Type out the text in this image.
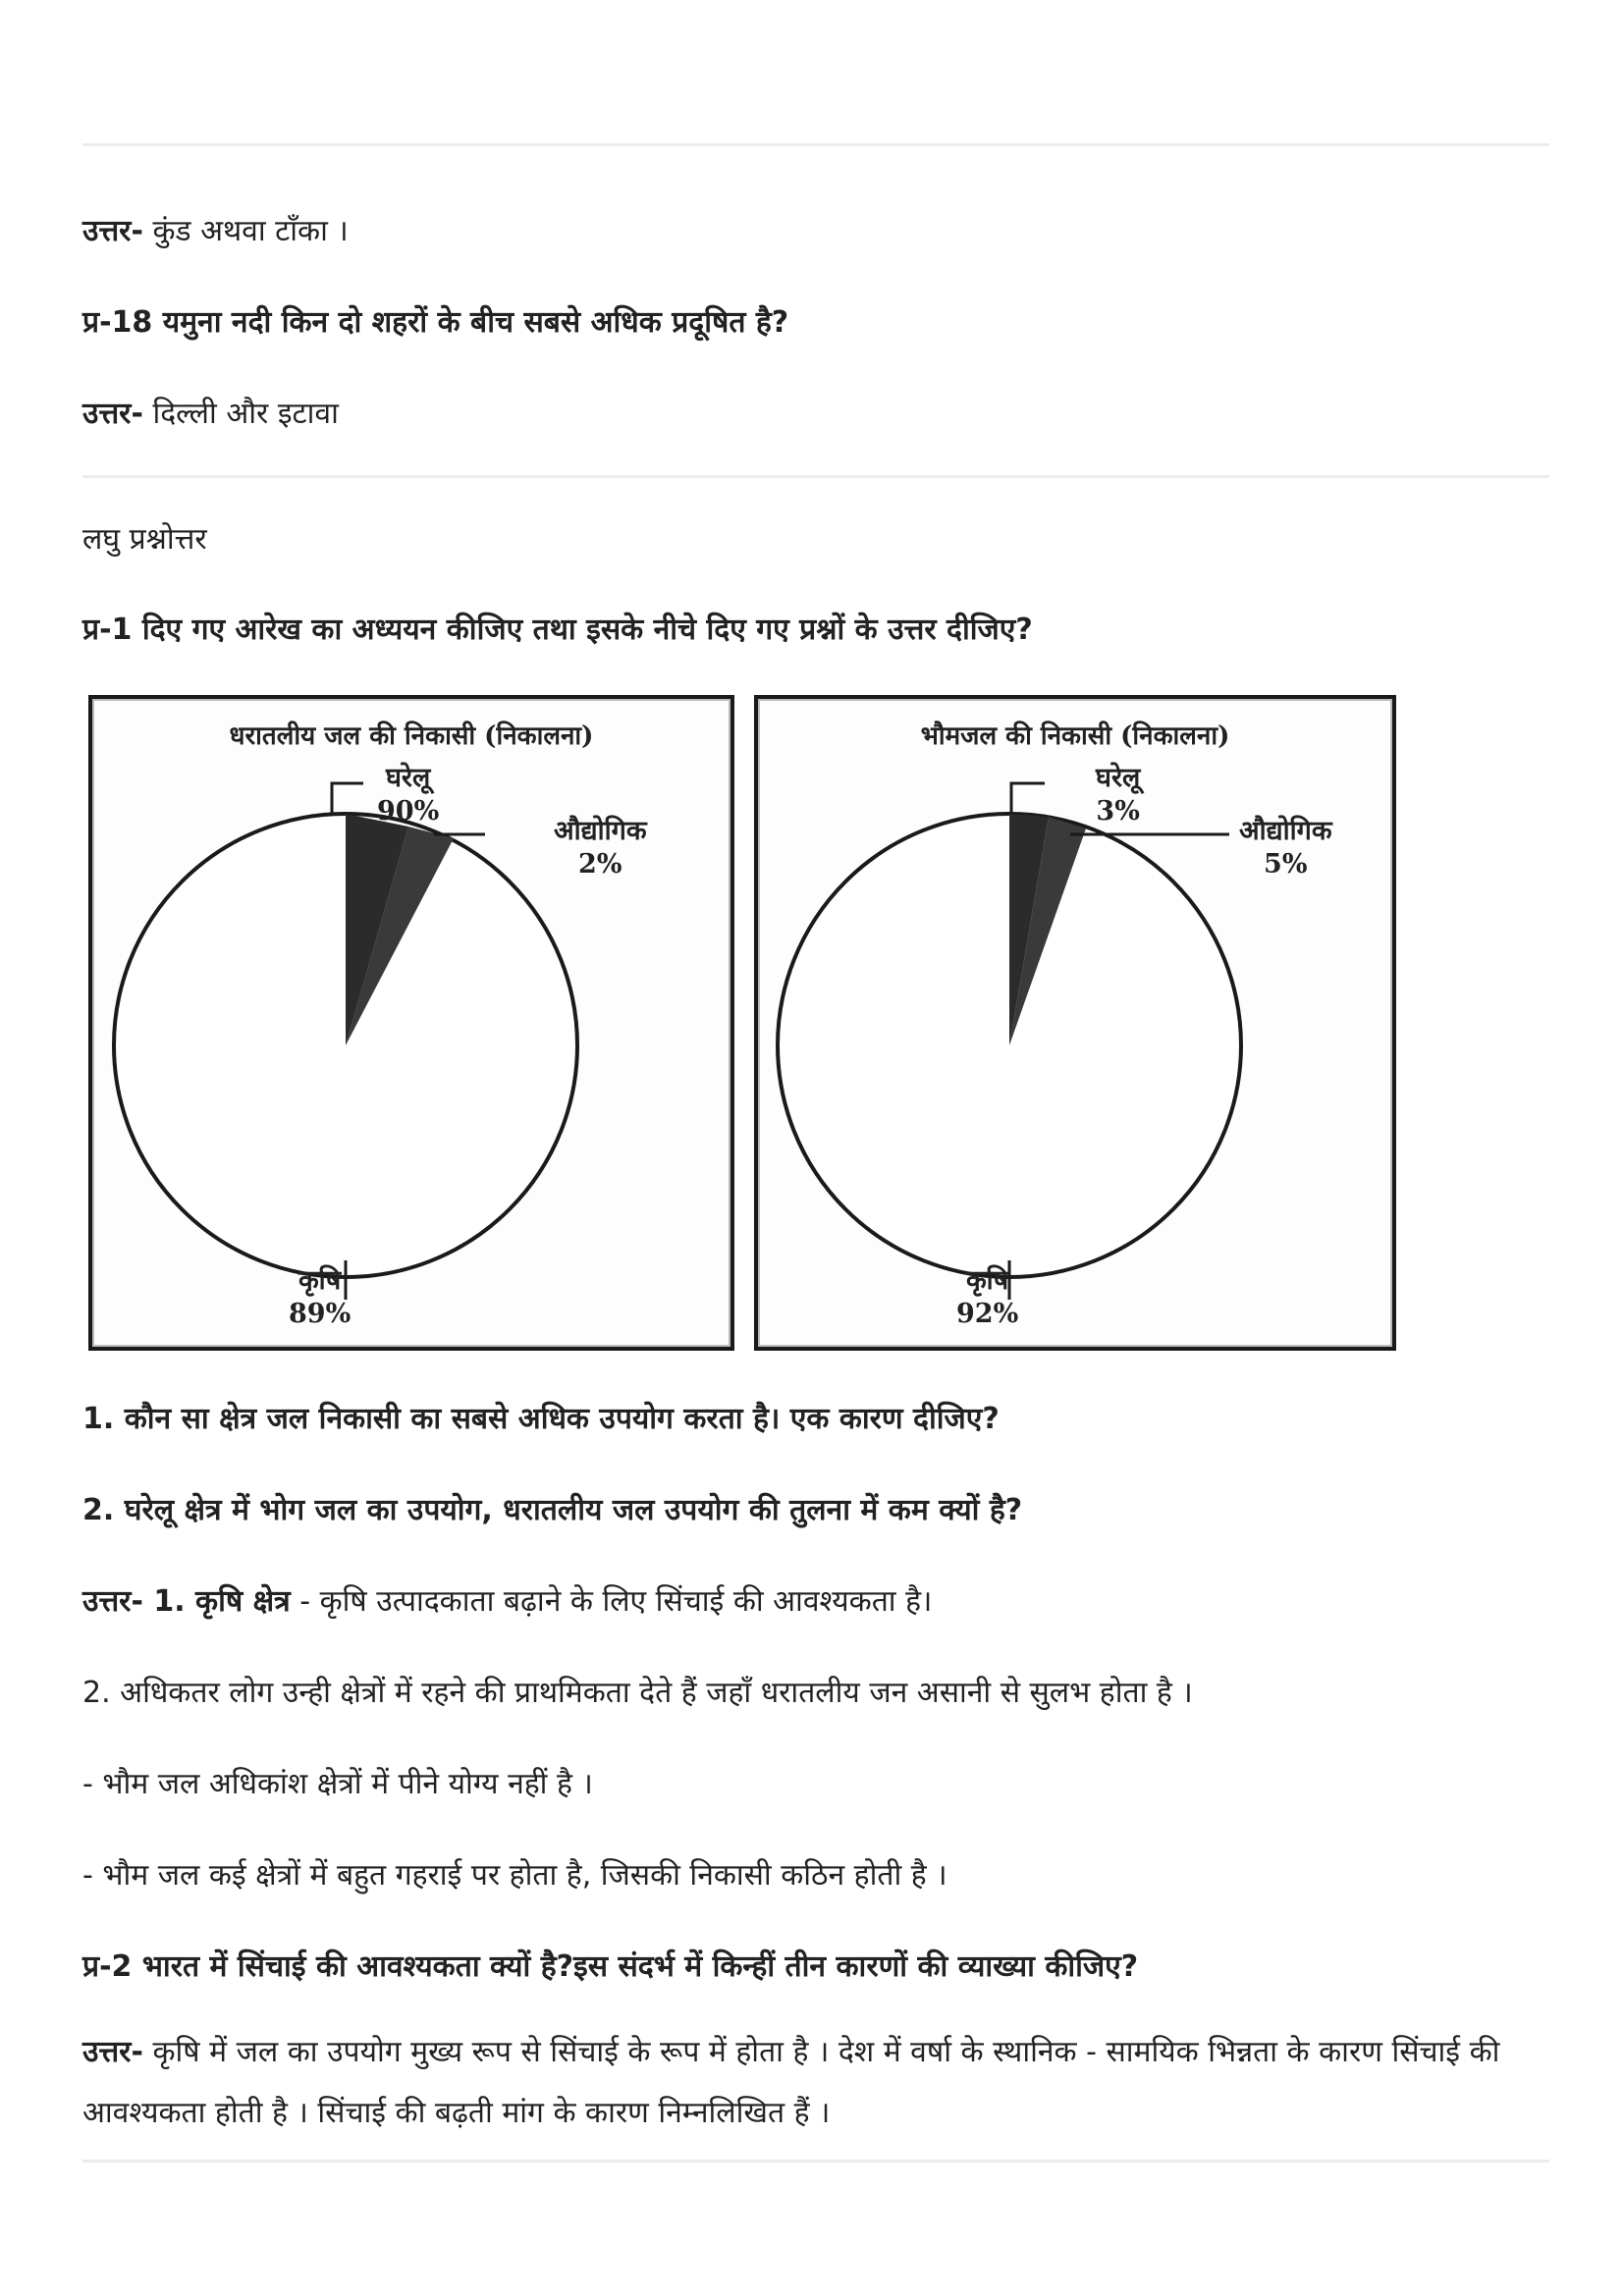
उत्तर- कुंड अथवा टाँका ।
प्र-18 यमुना नदी किन दो शहरों के बीच सबसे अधिक प्रदूषित है?
उत्तर- दिल्ली और इटावा
लघु प्रश्नोत्तर
प्र-1 दिए गए आरेख का अध्ययन कीजिए तथा इसके नीचे दिए गए प्रश्नों के उत्तर दीजिए?
धरातलीय जल की निकासी (निकालना)
घरेलू
90%
औद्योगिक
2%
कृषि
89%
भौमजल की निकासी (निकालना)
घरेलू
3%
औद्योगिक
5%
कृषि
92%
1. कौन सा क्षेत्र जल निकासी का सबसे अधिक उपयोग करता है। एक कारण दीजिए?
2. घरेलू क्षेत्र में भोग जल का उपयोग, धरातलीय जल उपयोग की तुलना में कम क्यों है?
उत्तर- 1. कृषि क्षेत्र - कृषि उत्पादकाता बढ़ाने के लिए सिंचाई की आवश्यकता है।
2. अधिकतर लोग उन्ही क्षेत्रों में रहने की प्राथमिकता देते हैं जहाँ धरातलीय जन असानी से सुलभ होता है ।
- भौम जल अधिकांश क्षेत्रों में पीने योग्य नहीं है ।
- भौम जल कई क्षेत्रों में बहुत गहराई पर होता है, जिसकी निकासी कठिन होती है ।
प्र-2 भारत में सिंचाई की आवश्यकता क्यों है?इस संदर्भ में किन्हीं तीन कारणों की व्याख्या कीजिए?
उत्तर- कृषि में जल का उपयोग मुख्य रूप से सिंचाई के रूप में होता है । देश में वर्षा के स्थानिक - सामयिक भिन्नता के कारण सिंचाई की आवश्यकता होती है । सिंचाई की बढ़ती मांग के कारण निम्नलिखित हैं ।
